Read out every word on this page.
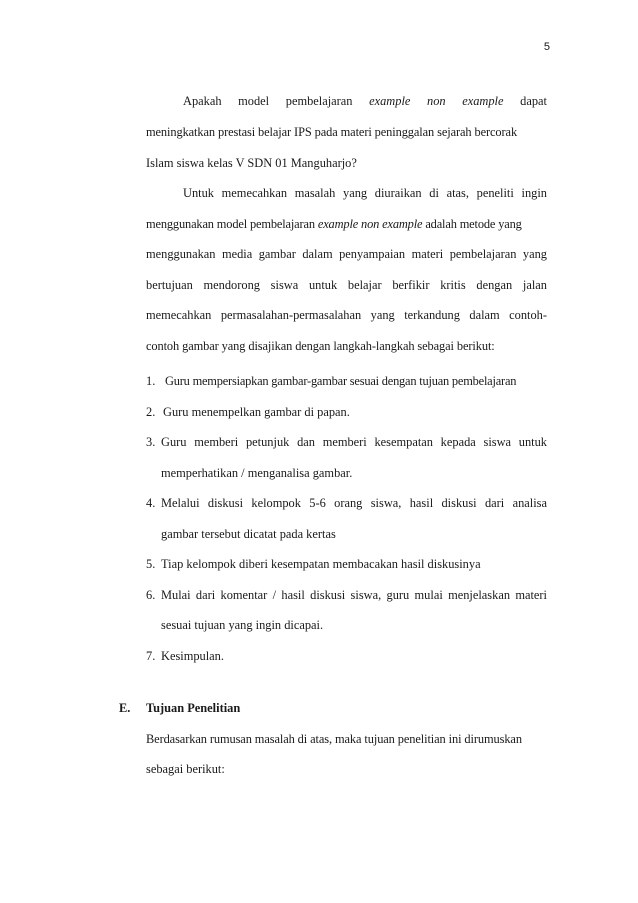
5
Apakah model pembelajaran example non example dapat
meningkatkan prestasi belajar IPS pada materi peninggalan sejarah bercorak
Islam siswa kelas V SDN 01 Manguharjo?
Untuk memecahkan masalah yang diuraikan di atas, peneliti ingin
menggunakan model pembelajaran example non example adalah metode yang
menggunakan media gambar dalam penyampaian materi pembelajaran yang
bertujuan mendorong siswa untuk belajar berfikir kritis dengan jalan
memecahkan permasalahan-permasalahan yang terkandung dalam contoh-
contoh gambar yang disajikan dengan langkah-langkah sebagai berikut:
1. Guru mempersiapkan gambar-gambar sesuai dengan tujuan pembelajaran
2. Guru menempelkan gambar di papan.
3. Guru memberi petunjuk dan memberi kesempatan kepada siswa untuk
memperhatikan / menganalisa gambar.
4. Melalui diskusi kelompok 5-6 orang siswa, hasil diskusi dari analisa
gambar tersebut dicatat pada kertas
5. Tiap kelompok diberi kesempatan membacakan hasil diskusinya
6. Mulai dari komentar / hasil diskusi siswa, guru mulai menjelaskan materi
sesuai tujuan yang ingin dicapai.
7. Kesimpulan.
E. Tujuan Penelitian
Berdasarkan rumusan masalah di atas, maka tujuan penelitian ini dirumuskan
sebagai berikut:
